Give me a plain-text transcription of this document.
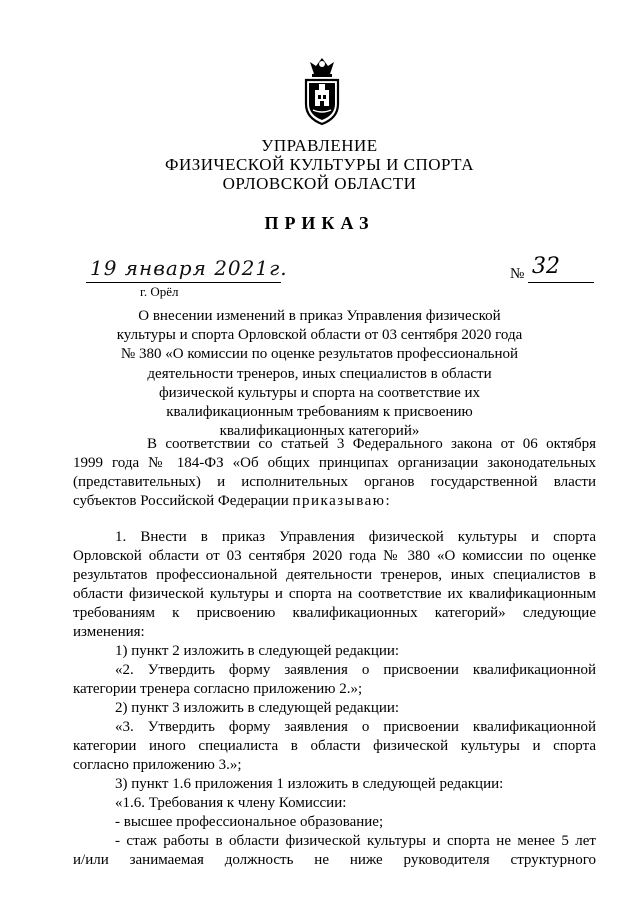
УПРАВЛЕНИЕ
ФИЗИЧЕСКОЙ КУЛЬТУРЫ И СПОРТА
ОРЛОВСКОЙ ОБЛАСТИ
ПРИКАЗ
19 января 2021г.	№ 32
г. Орёл
О внесении изменений в приказ Управления физической
культуры и спорта Орловской области от 03 сентября 2020 года
№ 380 «О комиссии по оценке результатов профессиональной
деятельности тренеров, иных специалистов в области
физической культуры и спорта на соответствие их
квалификационным требованиям к присвоению
квалификационных категорий»
В соответствии со статьей 3 Федерального закона от 06 октября
1999 года № 184-ФЗ «Об общих принципах организации законодательных
(представительных) и исполнительных органов государственной власти
субъектов Российской Федерации приказываю:
1. Внести в приказ Управления физической культуры и спорта
Орловской области от 03 сентября 2020 года № 380 «О комиссии по оценке
результатов профессиональной деятельности тренеров, иных специалистов в
области физической культуры и спорта на соответствие их квалификационным
требованиям к присвоению квалификационных категорий» следующие
изменения:
1) пункт 2 изложить в следующей редакции:
«2. Утвердить форму заявления о присвоении квалификационной
категории тренера согласно приложению 2.»;
2) пункт 3 изложить в следующей редакции:
«3. Утвердить форму заявления о присвоении квалификационной
категории иного специалиста в области физической культуры и спорта
согласно приложению 3.»;
3) пункт 1.6 приложения 1 изложить в следующей редакции:
«1.6. Требования к члену Комиссии:
- высшее профессиональное образование;
- стаж работы в области физической культуры и спорта не менее 5 лет
и/или занимаемая должность не ниже руководителя структурного
